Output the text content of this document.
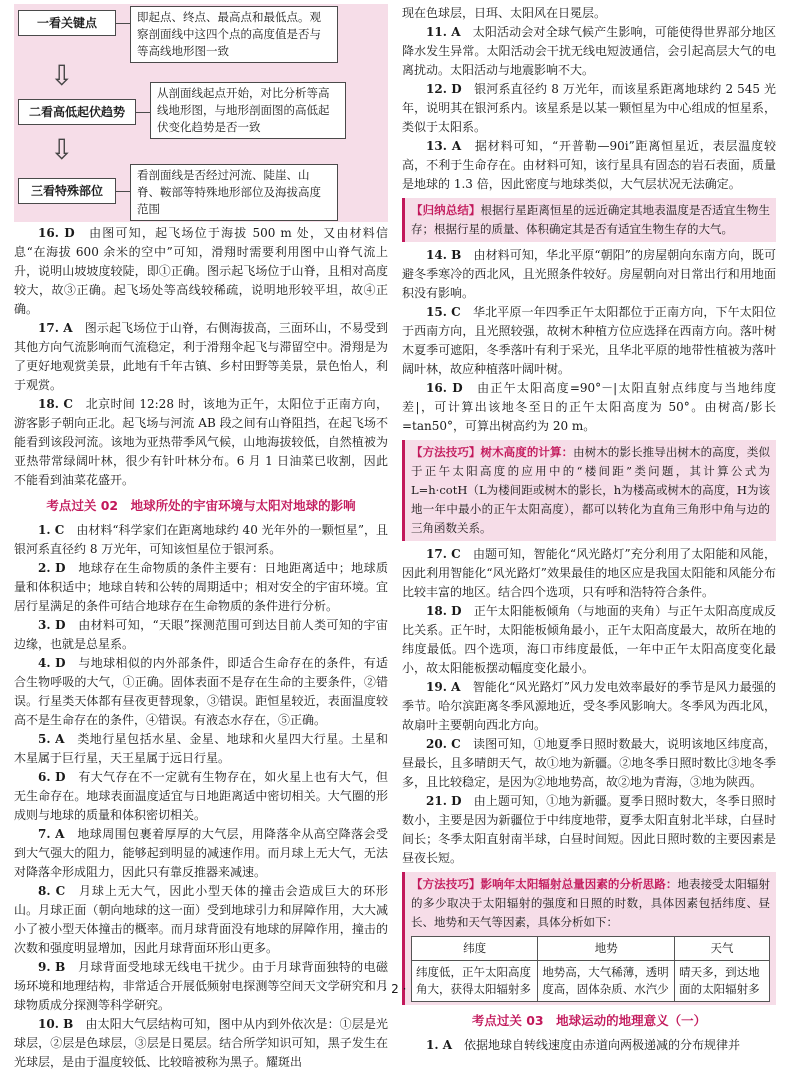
一看关键点	即起点、终点、最高点和最低点。观察剖面线中这四个点的高度值是否与等高线地形图一致
⇩
二看高低起伏趋势
从剖面线起点开始，对比分析等高线地形图，与地形剖面图的高低起伏变化趋势是否一致
⇩
三看特殊部位
看剖面线是否经过河流、陡崖、山脊、鞍部等特殊地形部位及海拔高度范围

16. D　由图可知，起飞场位于海拔 500 m 处，又由材料信息“在海拔 600 余米的空中”可知，滑翔时需要利用图中山脊气流上升，说明山坡坡度较陡，即①正确。图示起飞场位于山脊，且相对高度较大，故③正确。起飞场处等高线较稀疏，说明地形较平坦，故④正确。

17. A　图示起飞场位于山脊，右侧海拔高，三面环山，不易受到其他方向气流影响而气流稳定，利于滑翔伞起飞与滞留空中。滑翔是为了更好地观赏美景，此地有千年古镇、乡村田野等美景，景色怡人，利于观赏。

18. C　北京时间 12:28 时，该地为正午，太阳位于正南方向，游客影子朝向正北。起飞场与河流 AB 段之间有山脊阻挡，在起飞场不能看到该段河流。该地为亚热带季风气候，山地海拔较低，自然植被为亚热带常绿阔叶林，很少有针叶林分布。6 月 1 日油菜已收割，因此不能看到油菜花盛开。

考点过关 02　地球所处的宇宙环境与太阳对地球的影响

1. C　由材料“科学家们在距离地球约 40 光年外的一颗恒星”，且银河系直径约 8 万光年，可知该恒星位于银河系。

2. D　地球存在生命物质的条件主要有：日地距离适中；地球质量和体积适中；地球自转和公转的周期适中；相对安全的宇宙环境。宜居行星满足的条件可结合地球存在生命物质的条件进行分析。

3. D　由材料可知，“天眼”探测范围可到达目前人类可知的宇宙边缘，也就是总星系。

4. D　与地球相似的内外部条件，即适合生命存在的条件，有适合生物呼吸的大气，①正确。固体表面不是存在生命的主要条件，②错误。行星类天体都有昼夜更替现象，③错误。距恒星较近，表面温度较高不是生命存在的条件，④错误。有液态水存在，⑤正确。

5. A　类地行星包括水星、金星、地球和火星四大行星。土星和木星属于巨行星，天王星属于远日行星。

6. D　有大气存在不一定就有生物存在，如火星上也有大气，但无生命存在。地球表面温度适宜与日地距离适中密切相关。大气圈的形成则与地球的质量和体积密切相关。

7. A　地球周围包裹着厚厚的大气层，用降落伞从高空降落会受到大气强大的阻力，能够起到明显的减速作用。而月球上无大气，无法对降落伞形成阻力，因此只有靠反推器来减速。

8. C　月球上无大气，因此小型天体的撞击会造成巨大的环形山。月球正面（朝向地球的这一面）受到地球引力和屏障作用，大大减小了被小型天体撞击的概率。而月球背面没有地球的屏障作用，撞击的次数和强度明显增加，因此月球背面环形山更多。

9. B　月球背面受地球无线电干扰少。由于月球背面独特的电磁场环境和地理结构，非常适合开展低频射电探测等空间天文学研究和月球物质成分探测等科学研究。

10. B　由太阳大气层结构可知，图中从内到外依次是：①层是光球层，②层是色球层，③层是日冕层。结合所学知识可知，黑子发生在光球层，是由于温度较低、比较暗被称为黑子。耀斑出

现在色球层，日珥、太阳风在日冕层。

11. A　太阳活动会对全球气候产生影响，可能使得世界部分地区降水发生异常。太阳活动会干扰无线电短波通信，会引起高层大气的电离扰动。太阳活动与地震影响不大。

12. D　银河系直径约 8 万光年，而该星系距离地球约 2 545 光年，说明其在银河系内。该星系是以某一颗恒星为中心组成的恒星系，类似于太阳系。

13. A　据材料可知，“开普勒—90i”距离恒星近，表层温度较高，不利于生命存在。由材料可知，该行星具有固态的岩石表面，质量是地球的 1.3 倍，因此密度与地球类似，大气层状况无法确定。

【归纳总结】根据行星距离恒星的远近确定其地表温度是否适宜生物生存；根据行星的质量、体积确定其是否有适宜生物生存的大气。

14. B　由材料可知，华北平原“朝阳”的房屋朝向东南方向，既可避冬季寒冷的西北风，且光照条件较好。房屋朝向对日常出行和用地面积没有影响。

15. C　华北平原一年四季正午太阳都位于正南方向，下午太阳位于西南方向，且光照较强，故树木种植方位应选择在西南方向。落叶树木夏季可遮阳，冬季落叶有利于采光，且华北平原的地带性植被为落叶阔叶林，故应种植落叶阔叶树。

16. D　由正午太阳高度=90°－|太阳直射点纬度与当地纬度差|，可计算出该地冬至日的正午太阳高度为 50°。由树高/影长=tan50°，可算出树高约为 20 m。

【方法技巧】树木高度的计算：由树木的影长推导出树木的高度，类似于正午太阳高度的应用中的“楼间距”类问题，其计算公式为 L=h·cotH（L为楼间距或树木的影长，h为楼高或树木的高度，H为该地一年中最小的正午太阳高度），都可以转化为直角三角形中角与边的三角函数关系。

17. C　由题可知，智能化“风光路灯”充分利用了太阳能和风能，因此利用智能化“风光路灯”效果最佳的地区应是我国太阳能和风能分布比较丰富的地区。结合四个选项，只有呼和浩特符合条件。

18. D　正午太阳能板倾角（与地面的夹角）与正午太阳高度成反比关系。正午时，太阳能板倾角最小，正午太阳高度最大，故所在地的纬度最低。四个选项，海口市纬度最低，一年中正午太阳高度变化最小，故太阳能板摆动幅度变化最小。

19. A　智能化“风光路灯”风力发电效率最好的季节是风力最强的季节。哈尔滨距离冬季风源地近，受冬季风影响大。冬季风为西北风，故扇叶主要朝向西北方向。

20. C　读图可知，①地夏季日照时数最大，说明该地区纬度高，昼最长，且多晴朗天气，故①地为新疆。②地冬季日照时数比③地冬季多，且比较稳定，是因为②地地势高，故②地为青海，③地为陕西。

21. D　由上题可知，①地为新疆。夏季日照时数大，冬季日照时数小，主要是因为新疆位于中纬度地带，夏季太阳直射北半球，白昼时间长；冬季太阳直射南半球，白昼时间短。因此日照时数的主要因素是昼夜长短。

【方法技巧】影响年太阳辐射总量因素的分析思路：地表接受太阳辐射的多少取决于太阳辐射的强度和日照的时数，具体因素包括纬度、昼长、地势和天气等因素，具体分析如下：
纬度	地势	天气
纬度低，正午太阳高度角大，获得太阳辐射多	地势高，大气稀薄，透明度高，固体杂质、水汽少	晴天多，到达地面的太阳辐射多
考点过关 03　地球运动的地理意义（一）

1. A　依据地球自转线速度由赤道向两极递减的分布规律并

· 2 ·
